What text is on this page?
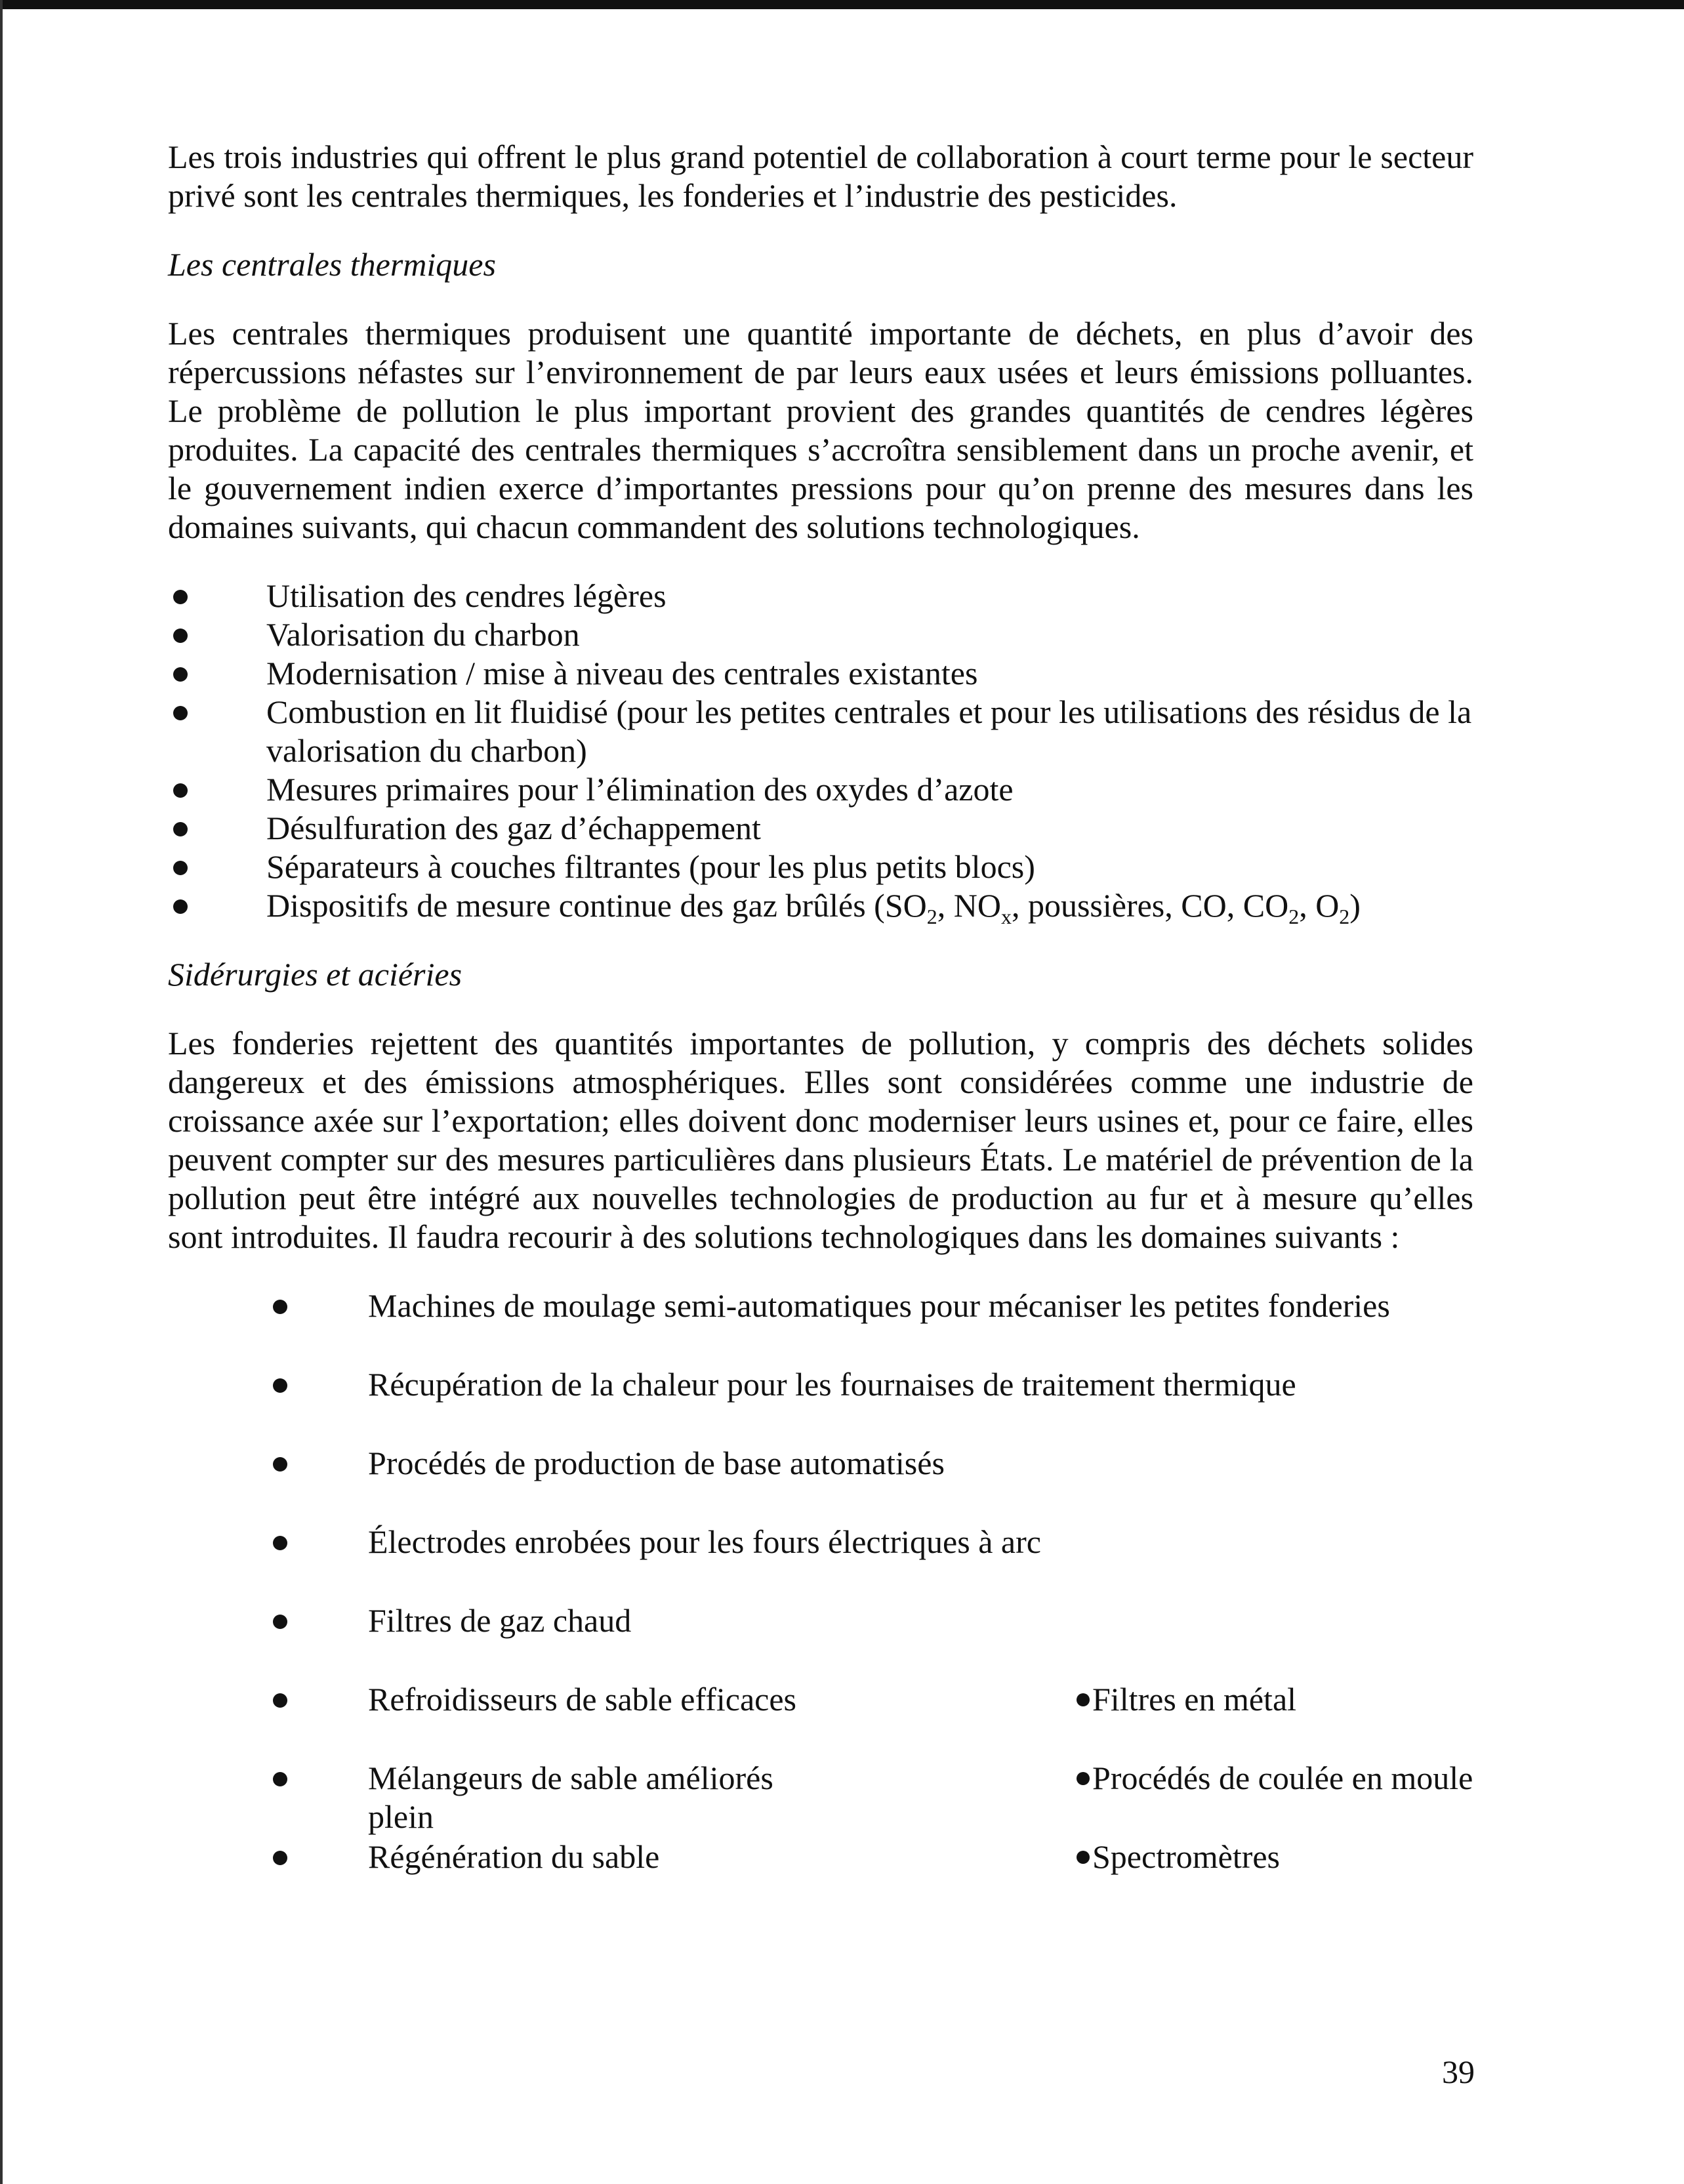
Les trois industries qui offrent le plus grand potentiel de collaboration à court terme pour le secteur privé sont les centrales thermiques, les fonderies et l’industrie des pesticides.

Les centrales thermiques

Les centrales thermiques produisent une quantité importante de déchets, en plus d’avoir des répercussions néfastes sur l’environnement de par leurs eaux usées et leurs émissions polluantes. Le problème de pollution le plus important provient des grandes quantités de cendres légères produites. La capacité des centrales thermiques s’accroîtra sensiblement dans un proche avenir, et le gouvernement indien exerce d’importantes pressions pour qu’on prenne des mesures dans les domaines suivants, qui chacun commandent des solutions technologiques.

Utilisation des cendres légères
Valorisation du charbon
Modernisation / mise à niveau des centrales existantes
Combustion en lit fluidisé (pour les petites centrales et pour les utilisations des résidus de la valorisation du charbon)
Mesures primaires pour l’élimination des oxydes d’azote
Désulfuration des gaz d’échappement
Séparateurs à couches filtrantes (pour les plus petits blocs)
Dispositifs de mesure continue des gaz brûlés ($SO_2$, $NO_x$, poussières, CO, $CO_2$, $O_2$)

Sidérurgies et aciéries

Les fonderies rejettent des quantités importantes de pollution, y compris des déchets solides dangereux et des émissions atmosphériques. Elles sont considérées comme une industrie de croissance axée sur l’exportation; elles doivent donc moderniser leurs usines et, pour ce faire, elles peuvent compter sur des mesures particulières dans plusieurs États. Le matériel de prévention de la pollution peut être intégré aux nouvelles technologies de production au fur et à mesure qu’elles sont introduites. Il faudra recourir à des solutions technologiques dans les domaines suivants :

Machines de moulage semi-automatiques pour mécaniser les petites fonderies
Récupération de la chaleur pour les fournaises de traitement thermique
Procédés de production de base automatisés
Électrodes enrobées pour les fours électriques à arc
Filtres de gaz chaud
Refroidisseurs de sable efficaces	Filtres en métal
Mélangeurs de sable améliorés plein
Procédés de coulée en moule
Régénération du sable	Spectromètres
39
